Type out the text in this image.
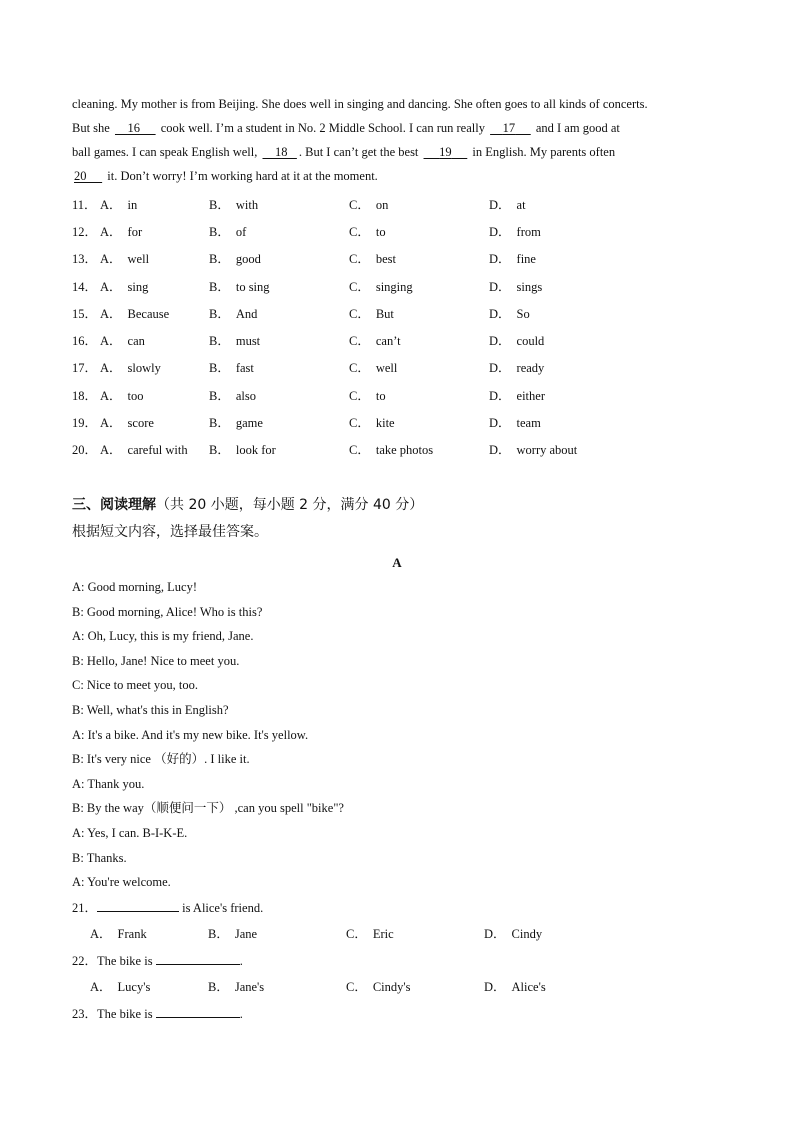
cleaning. My mother is from Beijing. She does well in singing and dancing. She often goes to all kinds of concerts.

But she     16      cook well. I’m a student in No. 2 Middle School. I can run really     17      and I am good at

ball games. I can speak English well,     18 . But I can’t get the best      19      in English. My parents often

20      it. Don’t worry! I’m working hard at it at the moment.

11． A． in	B． with	C． on	D． at
12． A． for	B． of	C． to	D． from
13． A． well	B． good	C． best	D． fine
14． A． sing	B． to sing	C． singing	D． sings
15． A． Because	B． And	C． But	D． So
16． A． can	B． must	C． can’t	D． could
17． A． slowly	B． fast	C． well	D． ready
18． A． too	B． also	C． to	D． either
19． A． score	B． game	C． kite	D． team
20． A． careful with	B． look for	C． take photos	D． worry about
三、阅读理解（共 20 小题，每小题 2 分，满分 40 分）
根据短文内容，选择最佳答案。
A
A: Good morning, Lucy!
B: Good morning, Alice! Who is this?
A: Oh, Lucy, this is my friend, Jane.
B: Hello, Jane! Nice to meet you.
C: Nice to meet you, too.
B: Well, what's this in English?
A: It's a bike. And it's my new bike. It's yellow.
B: It's very nice （好的）. I like it.
A: Thank you.
B: By the way（顺便问一下） ,can you spell "bike"?
A: Yes, I can. B-I-K-E.
B: Thanks.
A: You're welcome.
21．	is Alice's friend.
A． Frank	B． Jane	C． Eric	D． Cindy
22．The bike is	.
A． Lucy's	B． Jane's	C． Cindy's	D． Alice's
23．The bike is	.
